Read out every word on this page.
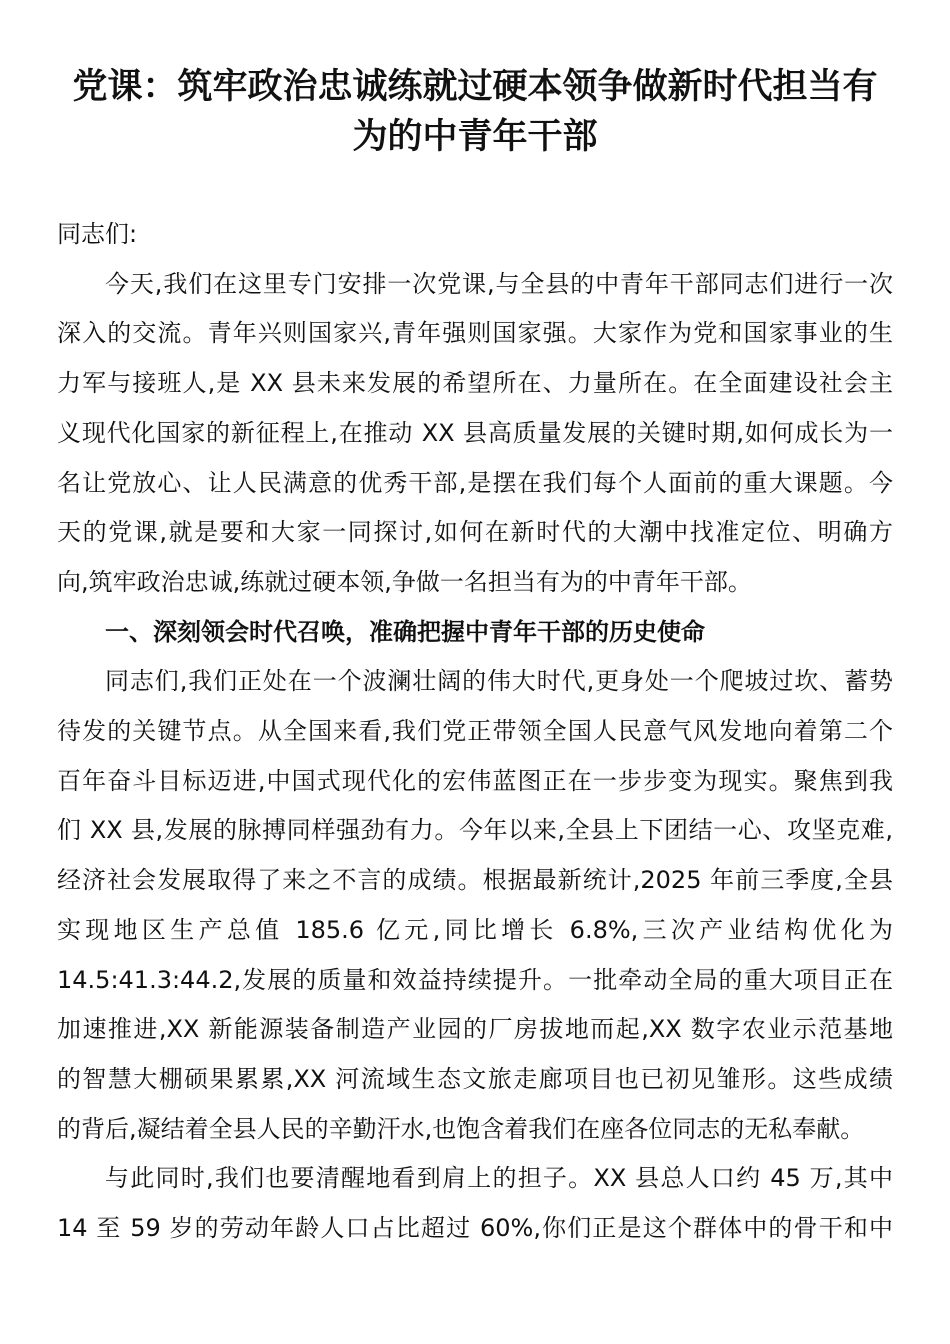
党课：筑牢政治忠诚练就过硬本领争做新时代担当有
为的中青年干部
同志们:
今天,我们在这里专门安排一次党课,与全县的中青年干部同志们进行一次
深入的交流。青年兴则国家兴,青年强则国家强。大家作为党和国家事业的生
力军与接班人,是 XX 县未来发展的希望所在、力量所在。在全面建设社会主
义现代化国家的新征程上,在推动 XX 县高质量发展的关键时期,如何成长为一
名让党放心、让人民满意的优秀干部,是摆在我们每个人面前的重大课题。今
天的党课,就是要和大家一同探讨,如何在新时代的大潮中找准定位、明确方
向,筑牢政治忠诚,练就过硬本领,争做一名担当有为的中青年干部。
一、深刻领会时代召唤，准确把握中青年干部的历史使命
同志们,我们正处在一个波澜壮阔的伟大时代,更身处一个爬坡过坎、蓄势
待发的关键节点。从全国来看,我们党正带领全国人民意气风发地向着第二个
百年奋斗目标迈进,中国式现代化的宏伟蓝图正在一步步变为现实。聚焦到我
们 XX 县,发展的脉搏同样强劲有力。今年以来,全县上下团结一心、攻坚克难,
经济社会发展取得了来之不言的成绩。根据最新统计,2025 年前三季度,全县
实现地区生产总值 185.6 亿元,同比增长 6.8%,三次产业结构优化为
14.5:41.3:44.2,发展的质量和效益持续提升。一批牵动全局的重大项目正在
加速推进,XX 新能源装备制造产业园的厂房拔地而起,XX 数字农业示范基地
的智慧大棚硕果累累,XX 河流域生态文旅走廊项目也已初见雏形。这些成绩
的背后,凝结着全县人民的辛勤汗水,也饱含着我们在座各位同志的无私奉献。
与此同时,我们也要清醒地看到肩上的担子。XX 县总人口约 45 万,其中
14 至 59 岁的劳动年龄人口占比超过 60%,你们正是这个群体中的骨干和中
